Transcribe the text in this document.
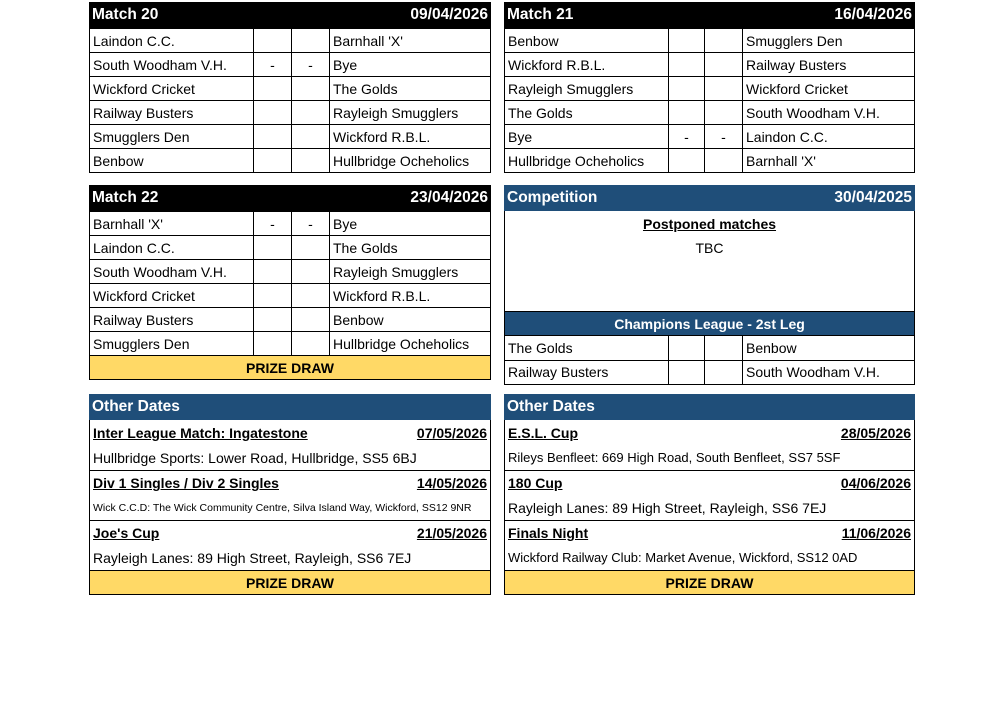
Match 20	09/04/2026
Laindon C.C.			Barnhall 'X'
South Woodham V.H.	-	-	Bye
Wickford Cricket			The Golds
Railway Busters			Rayleigh Smugglers
Smugglers Den			Wickford R.B.L.
Benbow			Hullbridge Ocheholics
Match 21	16/04/2026
Benbow			Smugglers Den
Wickford R.B.L.			Railway Busters
Rayleigh Smugglers			Wickford Cricket
The Golds			South Woodham V.H.
Bye	-	-	Laindon C.C.
Hullbridge Ocheholics			Barnhall 'X'
Match 22	23/04/2026
Barnhall 'X'	-	-	Bye
Laindon C.C.			The Golds
South Woodham V.H.			Rayleigh Smugglers
Wickford Cricket			Wickford R.B.L.
Railway Busters			Benbow
Smugglers Den			Hullbridge Ocheholics
PRIZE DRAW
Competition	30/04/2025
Postponed matches
TBC
Champions League - 2st Leg
The Golds			Benbow
Railway Busters			South Woodham V.H.
Other Dates
Inter League Match: Ingatestone	07/05/2026
Hullbridge Sports: Lower Road, Hullbridge, SS5 6BJ
Div 1 Singles / Div 2 Singles	14/05/2026
Wick C.C.D: The Wick Community Centre, Silva Island Way, Wickford, SS12 9NR
Joe's Cup	21/05/2026
Rayleigh Lanes: 89 High Street, Rayleigh, SS6 7EJ
PRIZE DRAW
Other Dates
E.S.L. Cup	28/05/2026
Rileys Benfleet: 669 High Road, South Benfleet, SS7 5SF
180 Cup	04/06/2026
Rayleigh Lanes: 89 High Street, Rayleigh, SS6 7EJ
Finals Night	11/06/2026
Wickford Railway Club: Market Avenue, Wickford, SS12 0AD
PRIZE DRAW
